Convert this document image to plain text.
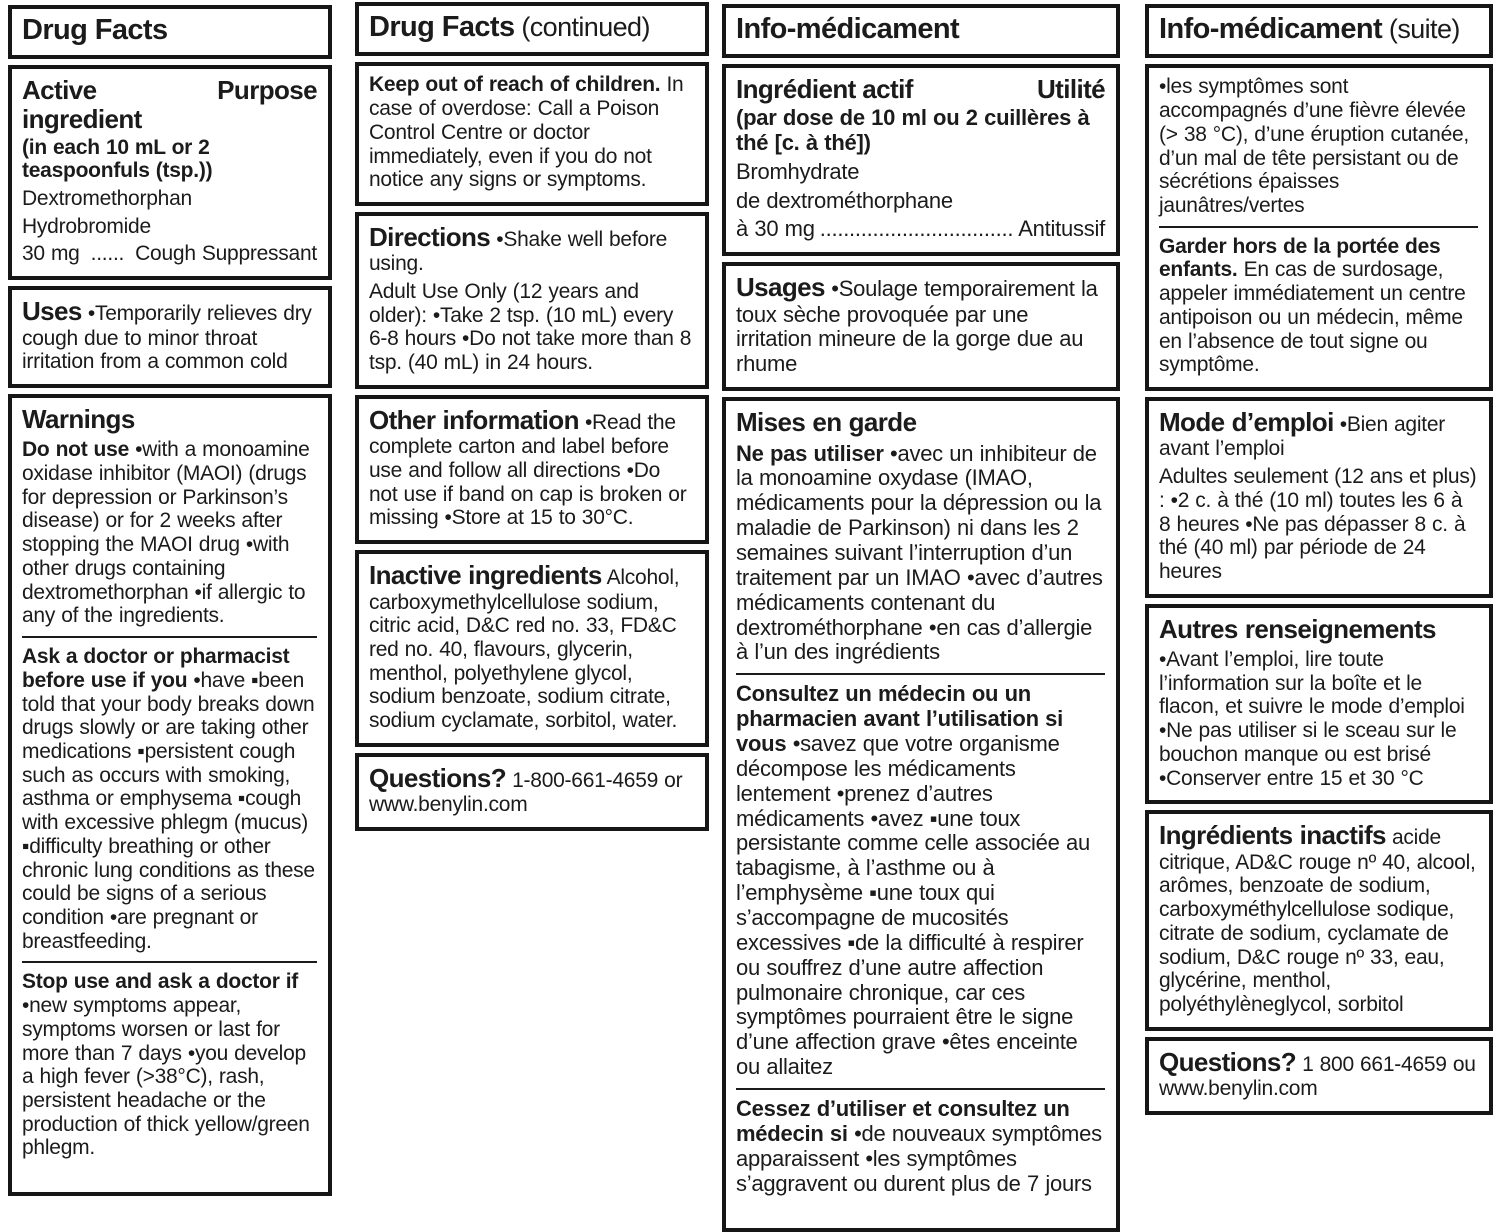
Drug Facts
Active ingredient
Purpose
(in each 10 mL or 2 teaspoonfuls (tsp.))
Dextromethorphan
Hydrobromide
30 mg ...... Cough Suppressant
Uses •Temporarily relieves dry cough due to minor throat irritation from a common cold
Warnings
Do not use •with a monoamine oxidase inhibitor (MAOI) (drugs for depression or Parkinson’s disease) or for 2 weeks after stopping the MAOI drug •with other drugs containing dextromethorphan •if allergic to any of the ingredients.
Ask a doctor or pharmacist before use if you •have ▪been told that your body breaks down drugs slowly or are taking other medications ▪persistent cough such as occurs with smoking, asthma or emphysema ▪cough with excessive phlegm (mucus) ▪difficulty breathing or other chronic lung conditions as these could be signs of a serious condition •are pregnant or breastfeeding.
Stop use and ask a doctor if •new symptoms appear, symptoms worsen or last for more than 7 days •you develop a high fever (>38°C), rash, persistent headache or the production of thick yellow/green phlegm.
Drug Facts (continued)
Keep out of reach of children. In case of overdose: Call a Poison Control Centre or doctor immediately, even if you do not notice any signs or symptoms.
Directions •Shake well before using.
Adult Use Only (12 years and older): •Take 2 tsp. (10 mL) every 6-8 hours •Do not take more than 8 tsp. (40 mL) in 24 hours.
Other information •Read the complete carton and label before use and follow all directions •Do not use if band on cap is broken or missing •Store at 15 to 30°C.
Inactive ingredients Alcohol, carboxymethylcellulose sodium, citric acid, D&C red no. 33, FD&C red no. 40, flavours, glycerin, menthol, polyethylene glycol, sodium benzoate, sodium citrate, sodium cyclamate, sorbitol, water.
Questions? 1-800-661-4659 or www.benylin.com
Info-médicament
Ingrédient actif	Utilité
(par dose de 10 ml ou 2 cuillères à thé [c. à thé])
Bromhydrate
de dextrométhorphane
à 30 mg ................................. Antitussif
Usages •Soulage temporairement la toux sèche provoquée par une irritation mineure de la gorge due au rhume
Mises en garde
Ne pas utiliser •avec un inhibiteur de la monoamine oxydase (IMAO, médicaments pour la dépression ou la maladie de Parkinson) ni dans les 2 semaines suivant l’interruption d’un traitement par un IMAO •avec d’autres médicaments contenant du dextrométhorphane •en cas d’allergie à l’un des ingrédients
Consultez un médecin ou un pharmacien avant l’utilisation si vous •savez que votre organisme décompose les médicaments lentement •prenez d’autres médicaments •avez ▪une toux persistante comme celle associée au tabagisme, à l’asthme ou à l’emphysème ▪une toux qui s’accompagne de mucosités excessives ▪de la difficulté à respirer ou souffrez d’une autre affection pulmonaire chronique, car ces symptômes pourraient être le signe d’une affection grave •êtes enceinte ou allaitez
Cessez d’utiliser et consultez un médecin si •de nouveaux symptômes apparaissent •les symptômes s’aggravent ou durent plus de 7 jours
Info-médicament (suite)
•les symptômes sont accompagnés d’une fièvre élevée (> 38 °C), d’une éruption cutanée, d’un mal de tête persistant ou de sécrétions épaisses jaunâtres/vertes
Garder hors de la portée des enfants. En cas de surdosage, appeler immédiatement un centre antipoison ou un médecin, même en l’absence de tout signe ou symptôme.
Mode d’emploi •Bien agiter avant l’emploi
Adultes seulement (12 ans et plus) : •2 c. à thé (10 ml) toutes les 6 à 8 heures •Ne pas dépasser 8 c. à thé (40 ml) par période de 24 heures
Autres renseignements
•Avant l’emploi, lire toute l’information sur la boîte et le flacon, et suivre le mode d’emploi •Ne pas utiliser si le sceau sur le bouchon manque ou est brisé •Conserver entre 15 et 30 °C
Ingrédients inactifs acide citrique, AD&C rouge nº 40, alcool, arômes, benzoate de sodium, carboxyméthylcellulose sodique, citrate de sodium, cyclamate de sodium, D&C rouge nº 33, eau, glycérine, menthol, polyéthylèneglycol, sorbitol
Questions? 1 800 661-4659 ou www.benylin.com
